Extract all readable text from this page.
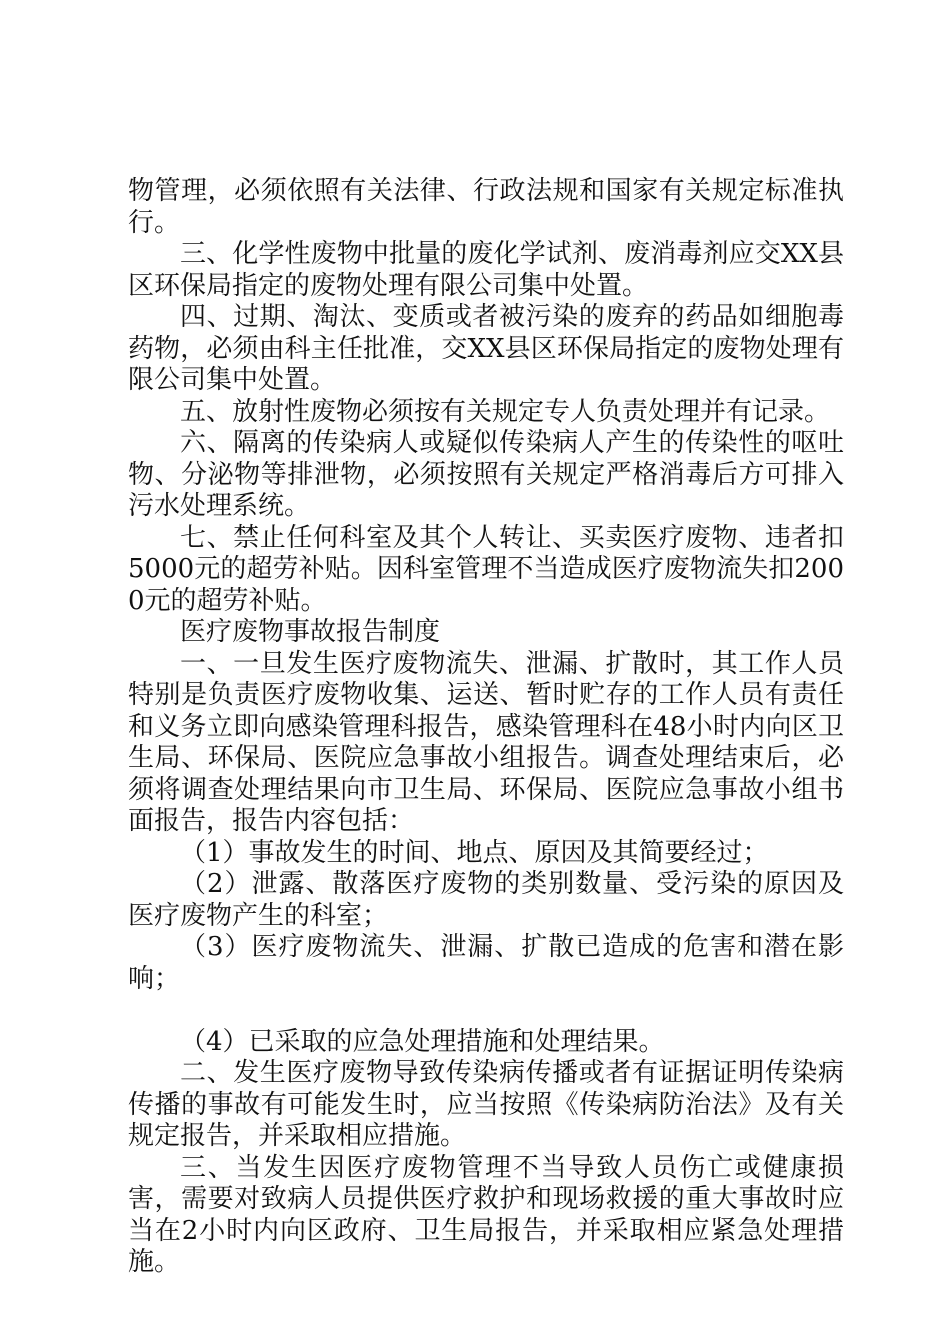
物管理，必须依照有关法律、行政法规和国家有关规定标准执行。

三、化学性废物中批量的废化学试剂、废消毒剂应交XX县区环保局指定的废物处理有限公司集中处置。

四、过期、淘汰、变质或者被污染的废弃的药品如细胞毒药物，必须由科主任批准，交XX县区环保局指定的废物处理有限公司集中处置。

五、放射性废物必须按有关规定专人负责处理并有记录。

六、隔离的传染病人或疑似传染病人产生的传染性的呕吐物、分泌物等排泄物，必须按照有关规定严格消毒后方可排入污水处理系统。

七、禁止任何科室及其个人转让、买卖医疗废物、违者扣5000元的超劳补贴。因科室管理不当造成医疗废物流失扣2000元的超劳补贴。

医疗废物事故报告制度

一、一旦发生医疗废物流失、泄漏、扩散时，其工作人员特别是负责医疗废物收集、运送、暂时贮存的工作人员有责任和义务立即向感染管理科报告，感染管理科在48小时内向区卫生局、环保局、医院应急事故小组报告。调查处理结束后，必须将调查处理结果向市卫生局、环保局、医院应急事故小组书面报告，报告内容包括：

（1）事故发生的时间、地点、原因及其简要经过；

（2）泄露、散落医疗废物的类别数量、受污染的原因及医疗废物产生的科室；

（3）医疗废物流失、泄漏、扩散已造成的危害和潜在影响；

（4）已采取的应急处理措施和处理结果。

二、发生医疗废物导致传染病传播或者有证据证明传染病传播的事故有可能发生时，应当按照《传染病防治法》及有关规定报告，并采取相应措施。

三、当发生因医疗废物管理不当导致人员伤亡或健康损害，需要对致病人员提供医疗救护和现场救援的重大事故时应当在2小时内向区政府、卫生局报告，并采取相应紧急处理措施。
